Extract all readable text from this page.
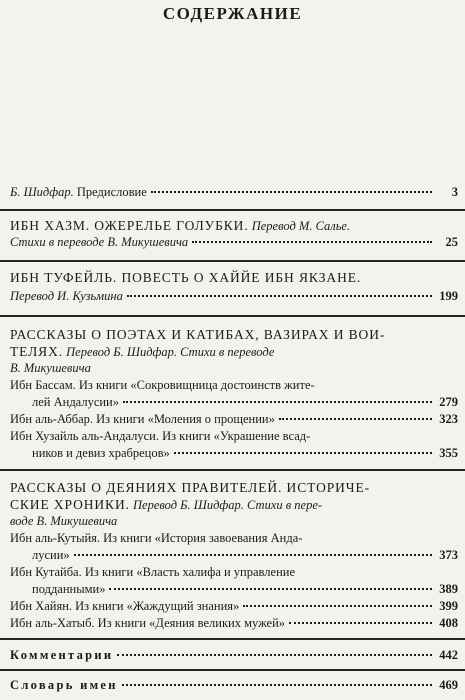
СОДЕРЖАНИЕ
Б. Шидфар. Предисловие	3
ИБН ХАЗМ. ОЖЕРЕЛЬЕ ГОЛУБКИ. Перевод М. Салье.
Стихи в переводе В. Микушевича	25
ИБН ТУФЕЙЛЬ. ПОВЕСТЬ О ХАЙЙЕ ИБН ЯКЗАНЕ.
Перевод И. Кузьмина	199
РАССКАЗЫ О ПОЭТАХ И КАТИБАХ, ВАЗИРАХ И ВОИ-
ТЕЛЯХ. Перевод Б. Шидфар. Стихи в переводе
В. Микушевича
Ибн Бассам. Из книги «Сокровищница достоинств жите-
лей Андалусии»	279
Ибн аль-Аббар. Из книги «Моления о прощении»	323
Ибн Хузайль аль-Андалуси. Из книги «Украшение всад-
ников и девиз храбрецов»	355
РАССКАЗЫ О ДЕЯНИЯХ ПРАВИТЕЛЕЙ. ИСТОРИЧЕ-
СКИЕ ХРОНИКИ. Перевод Б. Шидфар. Стихи в пере-
воде В. Микушевича
Ибн аль-Кутыйя. Из книги «История завоевания Анда-
лусии»	373
Ибн Кутайба. Из книги «Власть халифа и управление
подданными»	389
Ибн Хайян. Из книги «Жаждущий знания»	399
Ибн аль-Хатыб. Из книги «Деяния великих мужей»	408
Комментарии	442
Словарь имен	469
